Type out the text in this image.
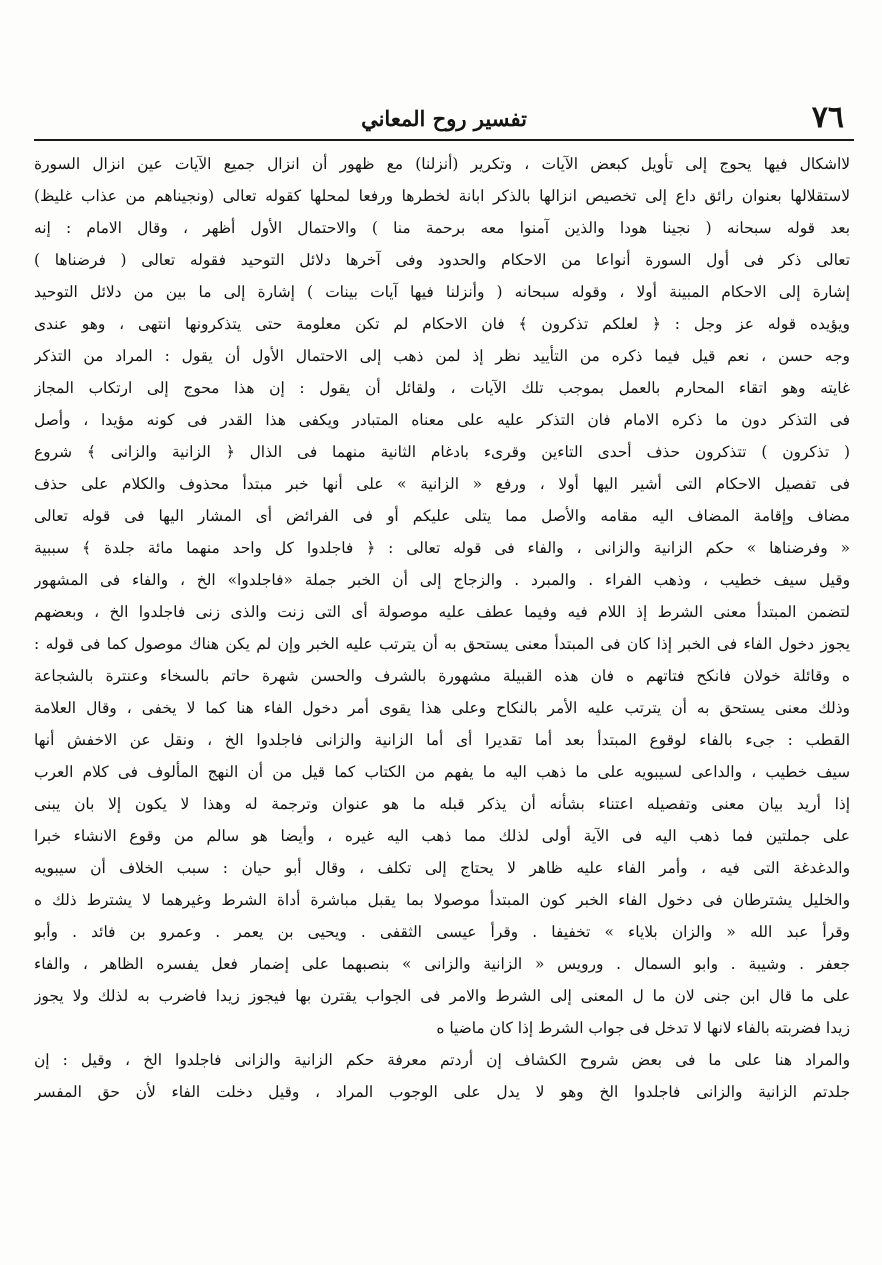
٧٦
تفسير روح المعاني
لااشكال فيها يحوج إلى تأويل كبعض الآيات ، وتكرير (أنزلنا) مع ظهور أن انزال جميع الآيات عين انزال السورة
لاستقلالها بعنوان رائق داع إلى تخصيص انزالها بالذكر ابانة لخطرها ورفعا لمحلها كقوله تعالى (ونجيناهم من عذاب غليظ)
بعد قوله سبحانه ( نجينا هودا والذين آمنوا معه برحمة منا ) والاحتمال الأول أظهر ، وقال الامام : إنه
تعالى ذكر فى أول السورة أنواعا من الاحكام والحدود وفى آخرها دلائل التوحيد فقوله تعالى ( فرضناها )
إشارة إلى الاحكام المبينة أولا ، وقوله سبحانه ( وأنزلنا فيها آيات بينات ) إشارة إلى ما بين من دلائل التوحيد
ويؤيده قوله عز وجل : ﴿ لعلكم تذكرون ﴾ فان الاحكام لم تكن معلومة حتى يتذكرونها انتهى ، وهو عندى
وجه حسن ، نعم قيل فيما ذكره من التأييد نظر إذ لمن ذهب إلى الاحتمال الأول أن يقول : المراد من التذكر
غايته وهو اتقاء المحارم بالعمل بموجب تلك الآيات ، ولقائل أن يقول : إن هذا محوج إلى ارتكاب المجاز
فى التذكر دون ما ذكره الامام فان التذكر عليه على معناه المتبادر ويكفى هذا القدر فى كونه مؤيدا ، وأصل
( تذكرون ) تتذكرون حذف أحدى التاءين وقرىء بادغام الثانية منهما فى الذال ﴿ الزانية والزانى ﴾ شروع
فى تفصيل الاحكام التى أشير اليها أولا ، ورفع « الزانية » على أنها خبر مبتدأ محذوف والكلام على حذف
مضاف وإقامة المضاف اليه مقامه والأصل مما يتلى عليكم أو فى الفرائض أى المشار اليها فى قوله تعالى
« وفرضناها » حكم الزانية والزانى ، والفاء فى قوله تعالى : ﴿ فاجلدوا كل واحد منهما مائة جلدة ﴾ سببية
وقيل سيف خطيب ، وذهب الفراء . والمبرد . والزجاج إلى أن الخبر جملة «فاجلدوا» الخ ، والفاء فى المشهور
لتضمن المبتدأ معنى الشرط إذ اللام فيه وفيما عطف عليه موصولة أى التى زنت والذى زنى فاجلدوا الخ ، وبعضهم
يجوز دخول الفاء فى الخبر إذا كان فى المبتدأ معنى يستحق به أن يترتب عليه الخبر وإن لم يكن هناك موصول كما فى قوله :
ه وقائلة خولان فانكح فتاتهم ه فان هذه القبيلة مشهورة بالشرف والحسن شهرة حاتم بالسخاء وعنترة بالشجاعة
وذلك معنى يستحق به أن يترتب عليه الأمر بالنكاح وعلى هذا يقوى أمر دخول الفاء هنا كما لا يخفى ، وقال العلامة
القطب : جىء بالفاء لوقوع المبتدأ بعد أما تقديرا أى أما الزانية والزانى فاجلدوا الخ ، ونقل عن الاخفش أنها
سيف خطيب ، والداعى لسيبويه على ما ذهب اليه ما يفهم من الكتاب كما قيل من أن النهج المألوف فى كلام العرب
إذا أريد بيان معنى وتفصيله اعتناء بشأنه أن يذكر قبله ما هو عنوان وترجمة له وهذا لا يكون إلا بان يبنى
على جملتين فما ذهب اليه فى الآية أولى لذلك مما ذهب اليه غيره ، وأيضا هو سالم من وقوع الانشاء خبرا
والدغدغة التى فيه ، وأمر الفاء عليه ظاهر لا يحتاج إلى تكلف ، وقال أبو حيان : سبب الخلاف أن سيبويه
والخليل يشترطان فى دخول الفاء الخبر كون المبتدأ موصولا بما يقبل مباشرة أداة الشرط وغيرهما لا يشترط ذلك ه
وقرأ عبد الله « والزان بلاياء » تخفيفا . وقرأ عيسى الثقفى . ويحيى بن يعمر . وعمرو بن فائد . وأبو
جعفر . وشيبة . وابو السمال . ورويس « الزانية والزانى » بنصبهما على إضمار فعل يفسره الظاهر ، والفاء
على ما قال ابن جنى لان ما ل المعنى إلى الشرط والامر فى الجواب يقترن بها فيجوز زيدا فاضرب به لذلك ولا يجوز
زيدا فضربته بالفاء لانها لا تدخل فى جواب الشرط إذا كان ماضيا ه
والمراد هنا على ما فى بعض شروح الكشاف إن أردتم معرفة حكم الزانية والزانى فاجلدوا الخ ، وقيل : إن
جلدتم الزانية والزانى فاجلدوا الخ وهو لا يدل على الوجوب المراد ، وقيل دخلت الفاء لأن حق المفسر
